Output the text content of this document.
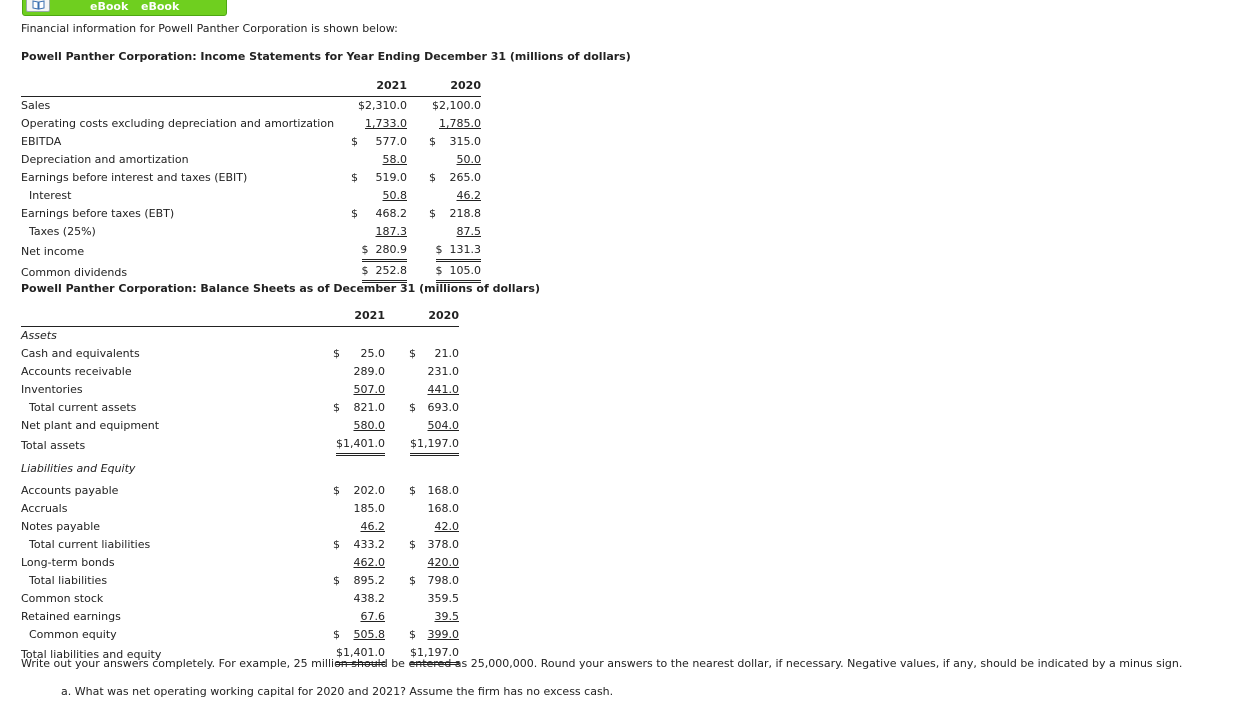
eBook eBook
Financial information for Powell Panther Corporation is shown below:
Powell Panther Corporation: Income Statements for Year Ending December 31 (millions of dollars)
	2021	2020
Sales	$2,310.0	$2,100.0
Operating costs excluding depreciation and amortization	1,733.0	1,785.0
EBITDA	$ 577.0	$ 315.0
Depreciation and amortization	58.0	50.0
Earnings before interest and taxes (EBIT)	$ 519.0	$ 265.0
Interest	50.8	46.2
Earnings before taxes (EBT)	$ 468.2	$ 218.8
Taxes (25%)	187.3	87.5
Net income	$ 280.9	$ 131.3
Common dividends	$ 252.8	$ 105.0
Powell Panther Corporation: Balance Sheets as of December 31 (millions of dollars)
	2021	2020
Assets		
Cash and equivalents	$ 25.0	$ 21.0
Accounts receivable	289.0	231.0
Inventories	507.0	441.0
Total current assets	$ 821.0	$ 693.0
Net plant and equipment	580.0	504.0
Total assets	$1,401.0	$1,197.0
Liabilities and Equity		
Accounts payable	$ 202.0	$ 168.0
Accruals	185.0	168.0
Notes payable	46.2	42.0
Total current liabilities	$ 433.2	$ 378.0
Long-term bonds	462.0	420.0
Total liabilities	$ 895.2	$ 798.0
Common stock	438.2	359.5
Retained earnings	67.6	39.5
Common equity	$ 505.8	$ 399.0
Total liabilities and equity	$1,401.0	$1,197.0
Write out your answers completely. For example, 25 million should be entered as 25,000,000. Round your answers to the nearest dollar, if necessary. Negative values, if any, should be indicated by a minus sign.
a. What was net operating working capital for 2020 and 2021? Assume the firm has no excess cash.
